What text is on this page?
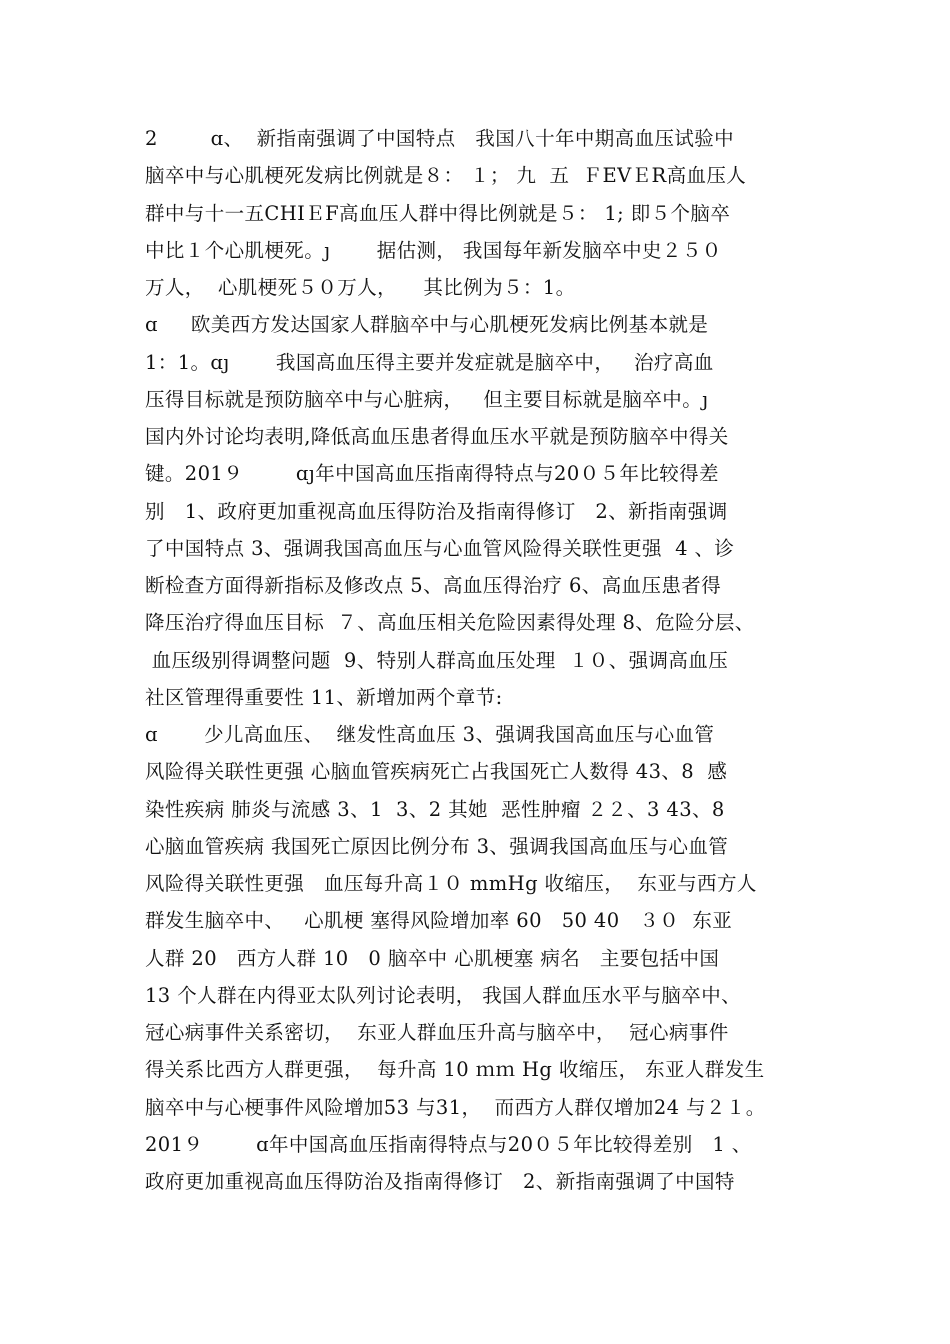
2        ɑ、  新指南强调了中国特点   我国八十年中期高血压试验中
脑卒中与心肌梗死发病比例就是８： １； 九  五  ＦEVＥR高血压人
群中与十一五CHIＥF高血压人群中得比例就是５： 1; 即５个脑卒
中比１个心肌梗死。ȷ       据估测， 我国每年新发脑卒中史２５０
万人，  心肌梗死５０万人，    其比例为５：1。
ɑ     欧美西方发达国家人群脑卒中与心肌梗死发病比例基本就是
1：1。ɑȷ       我国高血压得主要并发症就是脑卒中，   治疗高血
压得目标就是预防脑卒中与心脏病，   但主要目标就是脑卒中。ȷ
国内外讨论均表明,降低高血压患者得血压水平就是预防脑卒中得关
键。201９        ɑȷ年中国高血压指南得特点与20０５年比较得差
别   1、政府更加重视高血压得防治及指南得修订   2、新指南强调
了中国特点 3、强调我国高血压与心血管风险得关联性更强  4 、诊
断检查方面得新指标及修改点 5、高血压得治疗 6、高血压患者得
降压治疗得血压目标  ７、高血压相关危险因素得处理 8、危险分层、
血压级别得调整问题  9、特别人群高血压处理  １０、强调高血压
社区管理得重要性 11、新增加两个章节:
ɑ       少儿高血压、  继发性高血压 3、强调我国高血压与心血管
风险得关联性更强 心脑血管疾病死亡占我国死亡人数得 43、8  感
染性疾病 肺炎与流感 3、1  3、2 其她  恶性肿瘤 ２２、3 43、8
心脑血管疾病 我国死亡原因比例分布 3、强调我国高血压与心血管
风险得关联性更强   血压每升高１０ mmHg 收缩压，  东亚与西方人
群发生脑卒中、   心肌梗 塞得风险增加率 60   50 40   ３０  东亚
人群 20   西方人群 10   0 脑卒中 心肌梗塞 病名   主要包括中国
13 个人群在内得亚太队列讨论表明， 我国人群血压水平与脑卒中、
冠心病事件关系密切，  东亚人群血压升高与脑卒中，  冠心病事件
得关系比西方人群更强，  每升高 10 ｍｍ Hg 收缩压， 东亚人群发生
脑卒中与心梗事件风险增加53 与31，  而西方人群仅增加24 与２１。
201９        ɑ年中国高血压指南得特点与20０５年比较得差别   1 、
政府更加重视高血压得防治及指南得修订   2、新指南强调了中国特
